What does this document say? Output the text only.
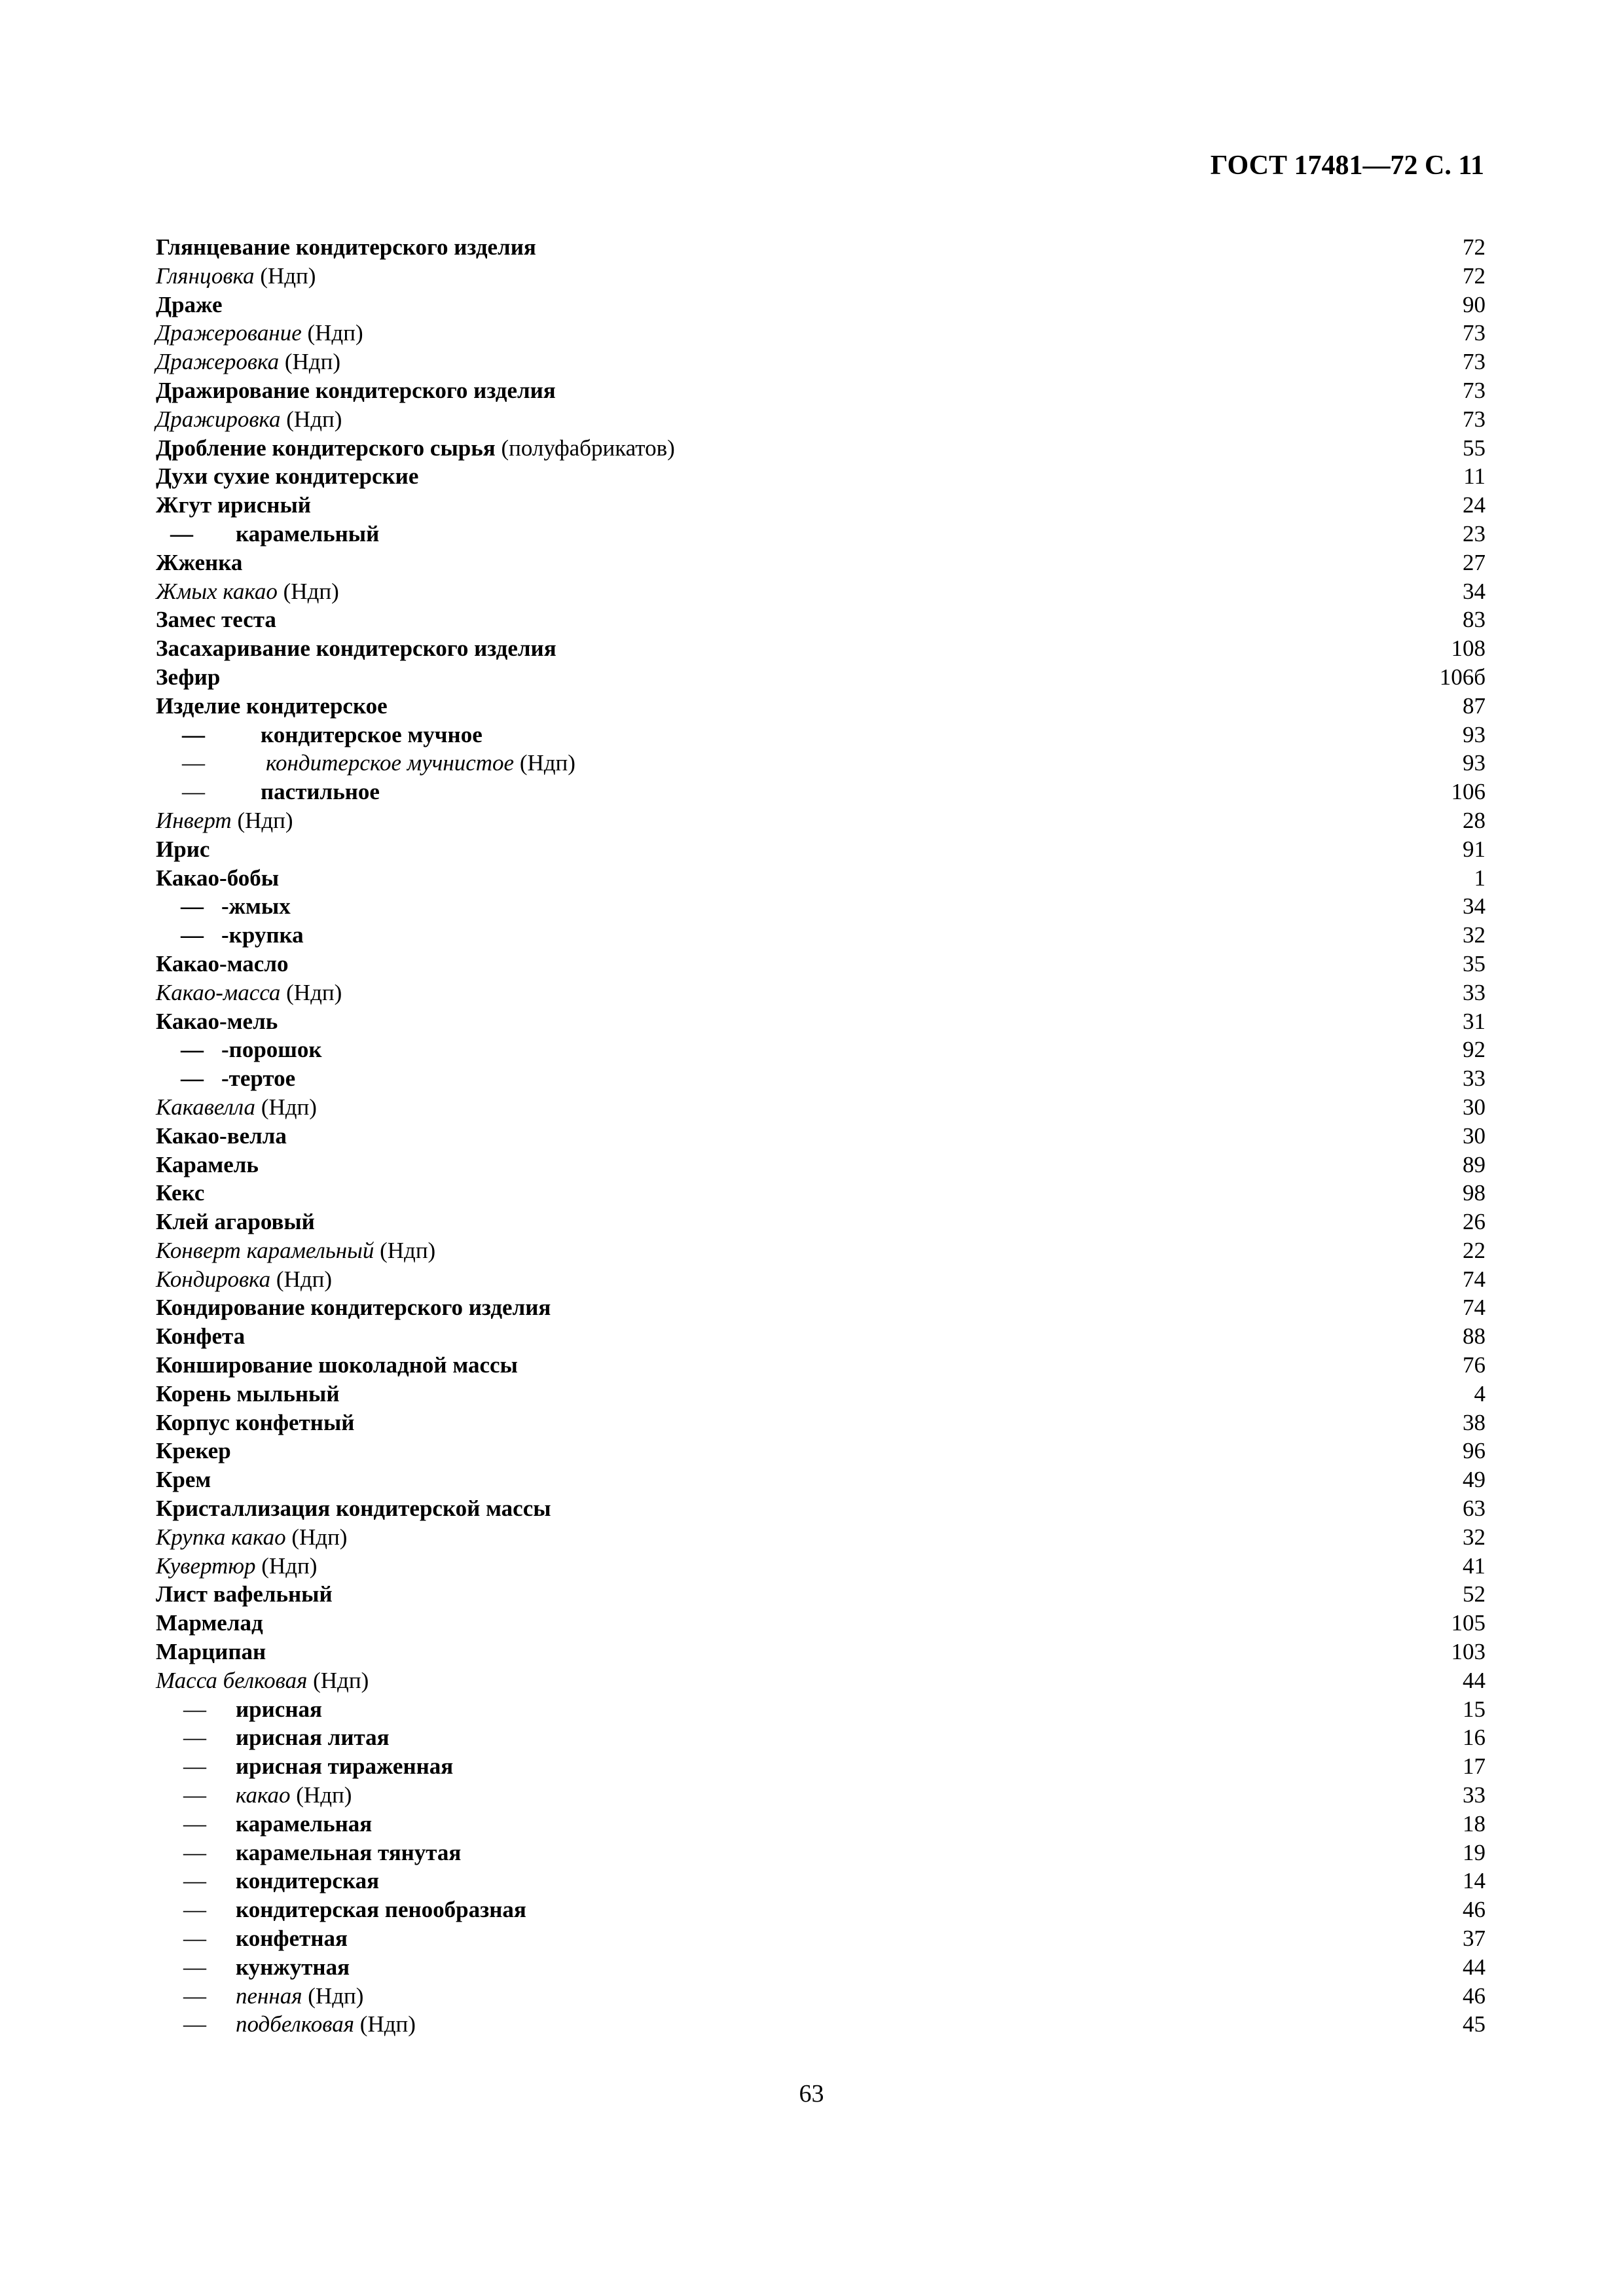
ГОСТ 17481—72 С. 11
Глянцевание кондитерского изделия	72
Глянцовка (Ндп)	72
Драже	90
Дражерование (Ндп)	73
Дражеровка (Ндп)	73
Дражирование кондитерского изделия	73
Дражировка (Ндп)	73
Дробление кондитерского сырья (полуфабрикатов)	55
Духи сухие кондитерские	11
Жгут ирисный	24
— карамельный	23
Жженка	27
Жмых какао (Ндп)	34
Замес теста	83
Засахаривание кондитерского изделия	108
Зефир	106б
Изделие кондитерское	87
— кондитерское мучное	93
—	кондитерское мучнистое (Ндп)	93
— пастильное	106
Инверт (Ндп)	28
Ирис	91
Какао-бобы	1
— -жмых	34
— -крупка	32
Какао-масло	35
Какао-масса (Ндп)	33
Какао-мель	31
— -порошок	92
— -тертое	33
Какавелла (Ндп)	30
Какао-велла	30
Карамель	89
Кекс	98
Клей агаровый	26
Конверт карамельный (Ндп)	22
Кондировка (Ндп)	74
Кондирование кондитерского изделия	74
Конфета	88
Конширование шоколадной массы	76
Корень мыльный	4
Корпус конфетный	38
Крекер	96
Крем	49
Кристаллизация кондитерской массы	63
Крупка какао (Ндп)	32
Кувертюр (Ндп)	41
Лист вафельный	52
Мармелад	105
Марципан	103
Масса белковая (Ндп)	44
— ирисная	15
— ирисная литая	16
— ирисная тираженная	17
— какао (Ндп)	33
— карамельная	18
— карамельная тянутая	19
— кондитерская	14
— кондитерская пенообразная	46
— конфетная	37
— кунжутная	44
— пенная (Ндп)	46
— подбелковая (Ндп)	45
63
